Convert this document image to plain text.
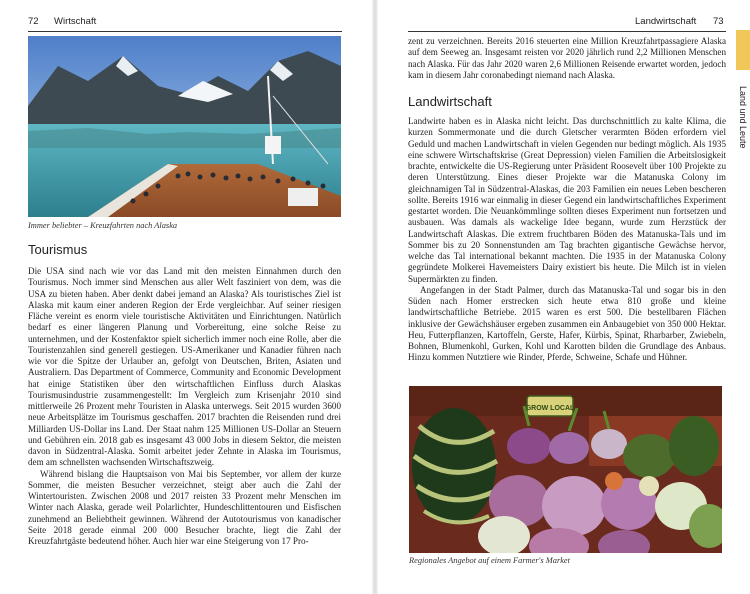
72 Wirtschaft
Immer beliebter – Kreuzfahrten nach Alaska
Tourismus

Die USA sind nach wie vor das Land mit den meisten Einnahmen durch den Tourismus. Noch immer sind Menschen aus aller Welt fasziniert von dem, was die USA zu bieten haben. Aber denkt dabei jemand an Alaska? Als touristisches Ziel ist Alaska mit kaum einer anderen Region der Erde vergleichbar. Auf seiner riesigen Fläche vereint es enorm viele touristische Aktivitäten und Einrichtungen. Natürlich bedarf es einer längeren Planung und Vorbereitung, eine solche Reise zu unternehmen, und der Kostenfaktor spielt sicherlich immer noch eine Rolle, aber die Touristenzahlen sind generell gestiegen. US-Amerikaner und Kanadier führen nach wie vor die Spitze der Urlauber an, gefolgt von Deutschen, Briten, Asiaten und Australiern. Das Department of Commerce, Community and Economic Development hat einige Statistiken über den wirtschaftlichen Einfluss durch Alaskas Tourismusindustrie zusammengestellt: Im Vergleich zum Krisenjahr 2010 sind mittlerweile 26 Prozent mehr Touristen in Alaska unterwegs. Seit 2015 wurden 3600 neue Arbeitsplätze im Tourismus geschaffen. 2017 brachten die Reisenden rund drei Milliarden US-Dollar ins Land. Der Staat nahm 125 Millionen US-Dollar an Steuern und Gebühren ein. 2018 gab es insgesamt 43 000 Jobs in diesem Sektor, die meisten davon in Südzentral-Alaska. Somit arbeitet jeder Zehnte in Alaska im Tourismus, dem am schnellsten wachsenden Wirtschaftszweig.

Während bislang die Hauptsaison von Mai bis September, vor allem der kurze Sommer, die meisten Besucher verzeichnet, steigt aber auch die Zahl der Wintertouristen. Zwischen 2008 und 2017 reisten 33 Prozent mehr Menschen im Winter nach Alaska, gerade weil Polarlichter, Hundeschlittentouren und Eisfischen zunehmend an Beliebtheit gewinnen. Während der Autotourismus von kanadischer Seite 2018 gerade einmal 200 000 Besucher brachte, liegt die Zahl der Kreuzfahrtgäste bedeutend höher. Auch hier war eine Steigerung von 17 Pro-

Landwirtschaft 73
Land und Leute

zent zu verzeichnen. Bereits 2016 steuerten eine Million Kreuzfahrtpassagiere Alaska auf dem Seeweg an. Insgesamt reisten vor 2020 jährlich rund 2,2 Millionen Menschen nach Alaska. Für das Jahr 2020 waren 2,6 Millionen Reisende erwartet worden, jedoch kam in diesem Jahr coronabedingt niemand nach Alaska.

Landwirtschaft

Landwirte haben es in Alaska nicht leicht. Das durchschnittlich zu kalte Klima, die kurzen Sommermonate und die durch Gletscher verarmten Böden erfordern viel Geduld und machen Landwirtschaft in vielen Gegenden nur bedingt möglich. Als 1935 eine schwere Wirtschaftskrise (Great Depression) vielen Familien die Arbeitslosigkeit brachte, entwickelte die US-Regierung unter Präsident Roosevelt über 100 Projekte zu deren Unterstützung. Eines dieser Projekte war die Matanuska Colony im gleichnamigen Tal in Südzentral-Alaskas, die 203 Familien ein neues Leben bescheren sollte. Bereits 1916 war einmalig in dieser Gegend ein landwirtschaftliches Experiment gestartet worden. Die Neuankömmlinge sollten dieses Experiment nun fortsetzen und ausbauen. Was damals als wackelige Idee begann, wurde zum Herzstück der Landwirtschaft Alaskas. Die extrem fruchtbaren Böden des Matanuska-Tals und im Sommer bis zu 20 Sonnenstunden am Tag brachten gigantische Gewächse hervor, welche das Tal international bekannt machten. Die 1935 in der Matanuska Colony gegründete Molkerei Havemeisters Dairy existiert bis heute. Die Milch ist in vielen Supermärkten zu finden.

Angefangen in der Stadt Palmer, durch das Matanuska-Tal und sogar bis in den Süden nach Homer erstrecken sich heute etwa 810 große und kleine landwirtschaftliche Betriebe. 2015 waren es erst 500. Die bestellbaren Flächen inklusive der Gewächshäuser ergeben zusammen ein Anbaugebiet von 350 000 Hektar. Heu, Futterpflanzen, Kartoffeln, Gerste, Hafer, Kürbis, Spinat, Rharbarber, Zwiebeln, Bohnen, Blumenkohl, Gurken, Kohl und Karotten bilden die Grundlage des Anbaus. Hinzu kommen Nutztiere wie Rinder, Pferde, Schweine, Schafe und Hühner.

GROW LOCAL
Regionales Angebot auf einem Farmer's Market
